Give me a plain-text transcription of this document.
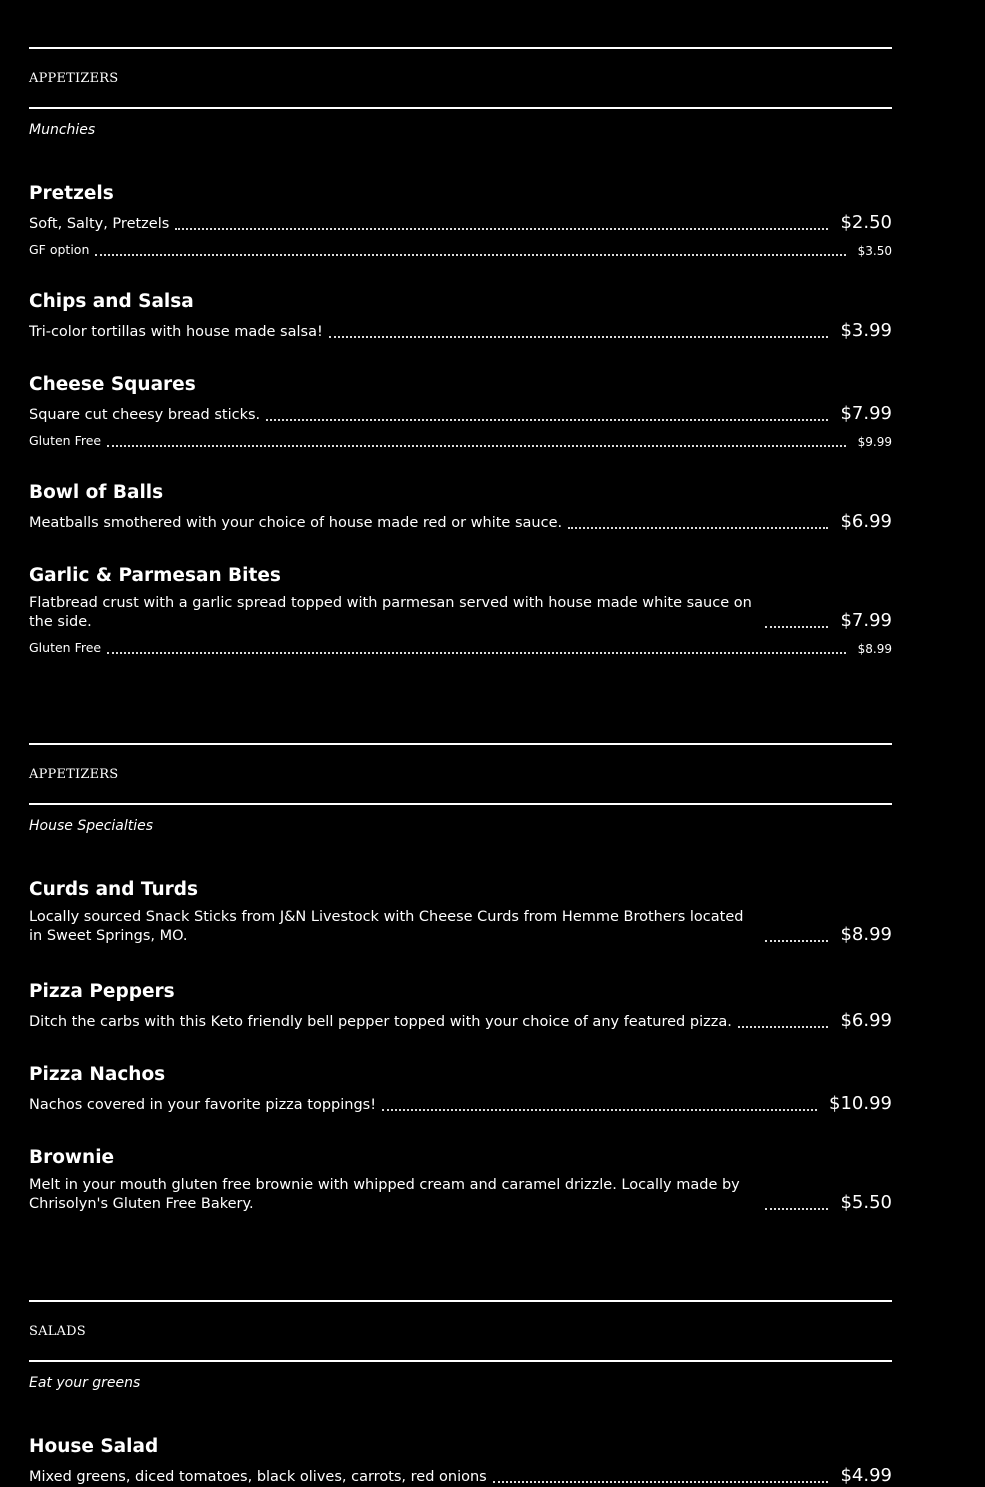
APPETIZERS
Munchies
Pretzels
Soft, Salty, Pretzels	$2.50
GF option	$3.50
Chips and Salsa
Tri-color tortillas with house made salsa!	$3.99
Cheese Squares
Square cut cheesy bread sticks.	$7.99
Gluten Free	$9.99
Bowl of Balls
Meatballs smothered with your choice of house made red or white sauce.	$6.99
Garlic & Parmesan Bites
Flatbread crust with a garlic spread topped with parmesan served with house made white sauce on the side.	$7.99
Gluten Free	$8.99
APPETIZERS
House Specialties
Curds and Turds
Locally sourced Snack Sticks from J&N Livestock with Cheese Curds from Hemme Brothers located in Sweet Springs, MO.	$8.99
Pizza Peppers
Ditch the carbs with this Keto friendly bell pepper topped with your choice of any featured pizza.	$6.99
Pizza Nachos
Nachos covered in your favorite pizza toppings!	$10.99
Brownie
Melt in your mouth gluten free brownie with whipped cream and caramel drizzle. Locally made by Chrisolyn's Gluten Free Bakery.	$5.50
SALADS
Eat your greens
House Salad
Mixed greens, diced tomatoes, black olives, carrots, red onions	$4.99
